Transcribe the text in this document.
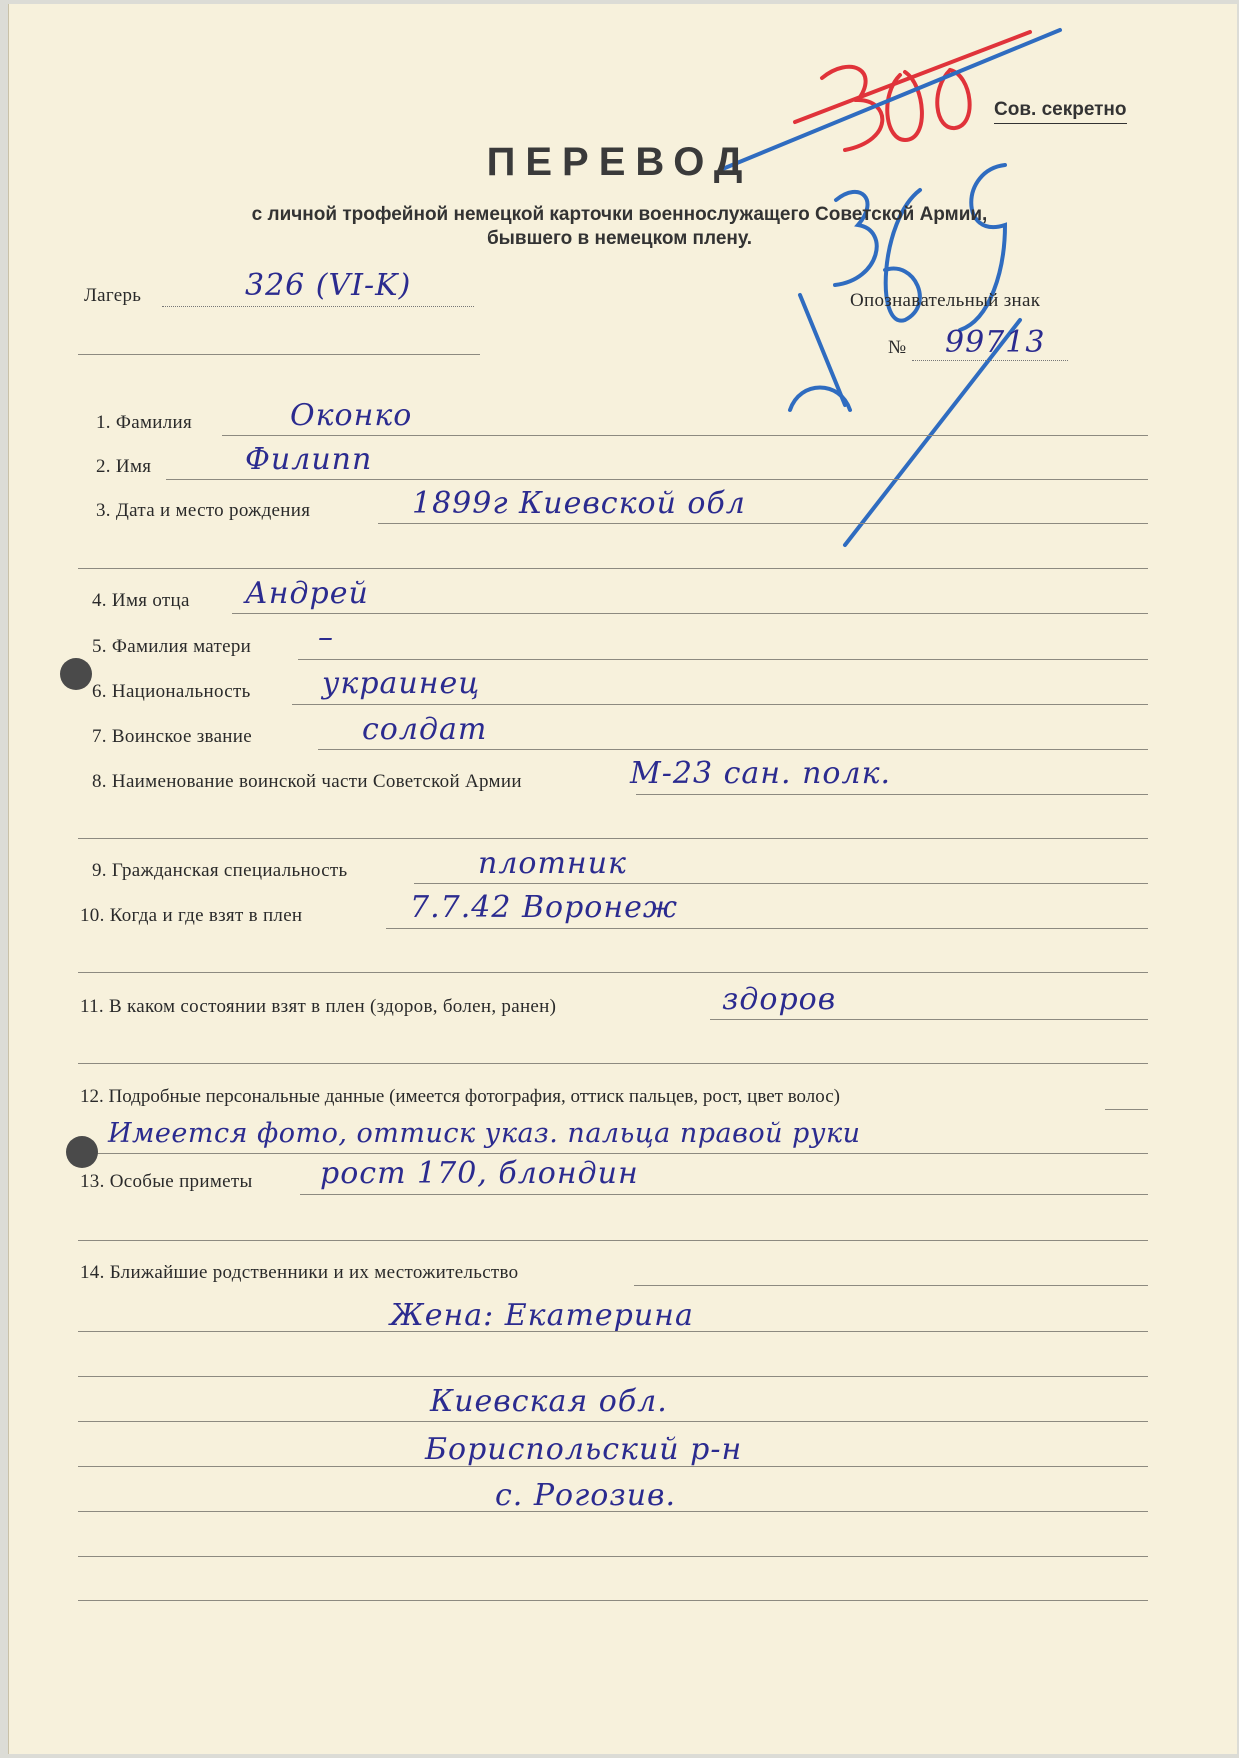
Сов. секретно
ПЕРЕВОД
с личной трофейной немецкой карточки военнослужащего Советской Армии,
бывшего в немецком плену.
Лагерь	326 (VI-K)	Опознавательный знак
№ 99713
1. Фамилия	Оконко
2. Имя	Филипп
3. Дата и место рождения	1899г Киевской обл
4. Имя отца Андрей
5. Фамилия матери –
6. Национальность украинец
7. Воинское звание	солдат
8. Наименование воинской части Советской Армии	M-23 сан. полк.
9. Гражданская специальность	плотник
10. Когда и где взят в плен	7.7.42 Воронеж
11. В каком состоянии взят в плен (здоров, болен, ранен)	здоров
12. Подробные персональные данные (имеется фотография, оттиск пальцев, рост, цвет волос)
Имеется фото, оттиск указ. пальца правой руки
13. Особые приметы рост 170, блондин
14. Ближайшие родственники и их местожительство
Жена: Екатерина
Киевская обл.
Бориспольский р-н
с. Рогозив.
